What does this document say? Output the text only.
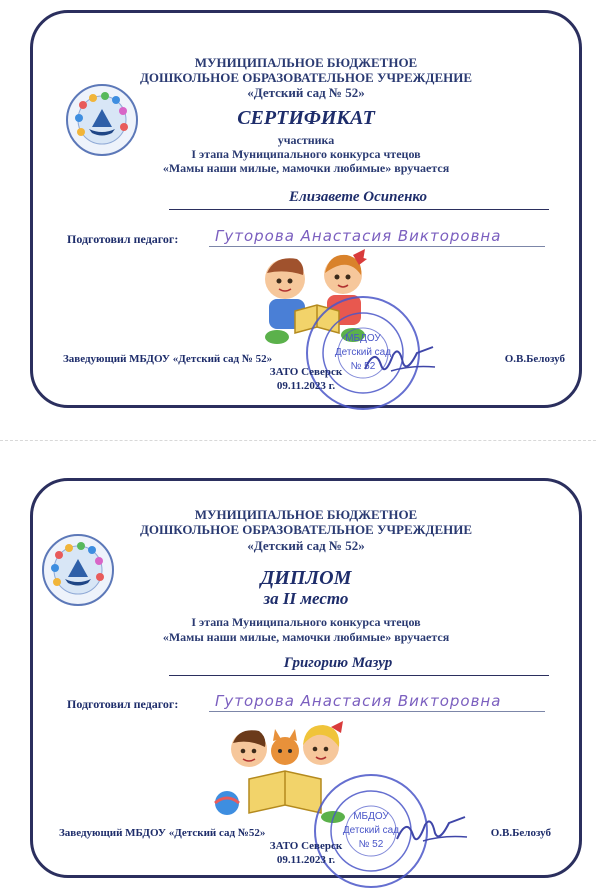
МУНИЦИПАЛЬНОЕ БЮДЖЕТНОЕ
ДОШКОЛЬНОЕ ОБРАЗОВАТЕЛЬНОЕ УЧРЕЖДЕНИЕ
«Детский сад № 52»
СЕРТИФИКАТ
участника
I этапа Муниципального конкурса чтецов
«Мамы наши милые, мамочки любимые» вручается
Елизавете Осипенко
Подготовил педагог: Гуторова Анастасия Викторовна
МБДОУ
Детский сад
№ 52
Заведующий МБДОУ «Детский сад № 52»	О.В.Белозуб
ЗАТО Северск
09.11.2023 г.
МУНИЦИПАЛЬНОЕ БЮДЖЕТНОЕ
ДОШКОЛЬНОЕ ОБРАЗОВАТЕЛЬНОЕ УЧРЕЖДЕНИЕ
«Детский сад № 52»
ДИПЛОМ
за II место
I этапа Муниципального конкурса чтецов
«Мамы наши милые, мамочки любимые» вручается
Григорию Мазур
Подготовил педагог: Гуторова Анастасия Викторовна
МБДОУ
Детский сад
№ 52
Заведующий МБДОУ «Детский сад №52»	О.В.Белозуб
ЗАТО Северск
09.11.2023 г.
